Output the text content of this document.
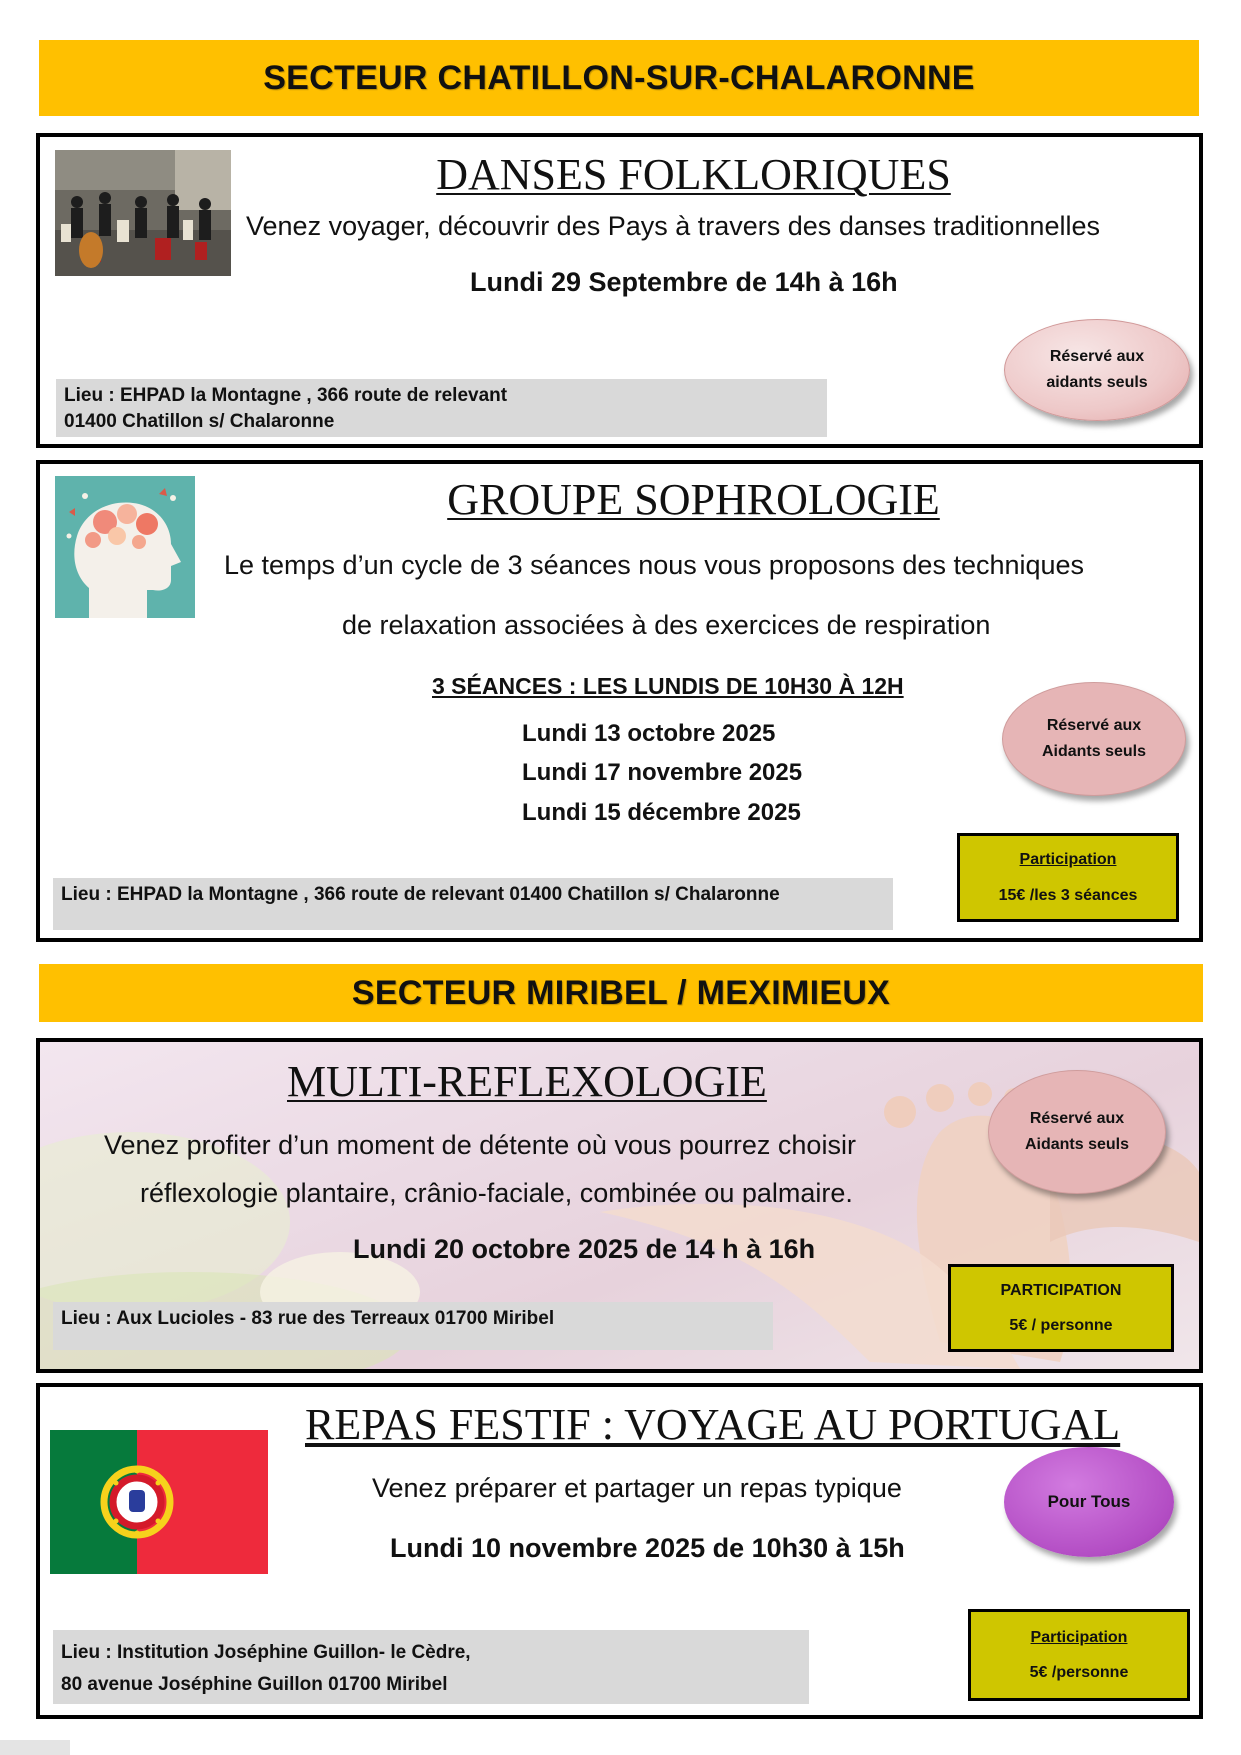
SECTEUR CHATILLON-SUR-CHALARONNE
DANSES FOLKLORIQUES
Venez voyager, découvrir des Pays à travers des danses traditionnelles
Lundi 29 Septembre de 14h à 16h
Réservé aux
aidants seuls
Lieu : EHPAD la Montagne , 366 route de relevant
01400 Chatillon s/ Chalaronne
GROUPE SOPHROLOGIE
Le temps d’un cycle de 3 séances nous vous proposons des techniques
de relaxation associées à des exercices de respiration
3 SÉANCES : LES LUNDIS DE 10H30 À 12H
Lundi 13 octobre 2025
Lundi 17 novembre 2025
Lundi 15 décembre 2025
Réservé aux
Aidants seuls
Participation
15€ /les 3 séances
Lieu : EHPAD la Montagne , 366 route de relevant 01400 Chatillon s/ Chalaronne
SECTEUR MIRIBEL / MEXIMIEUX
MULTI-REFLEXOLOGIE
Venez profiter d’un moment de détente où vous pourrez choisir
réflexologie plantaire, crânio-faciale, combinée ou palmaire.
Lundi 20 octobre 2025 de 14 h à 16h
Réservé aux
Aidants seuls
PARTICIPATION
5€ / personne
Lieu : Aux Lucioles - 83 rue des Terreaux 01700 Miribel
REPAS FESTIF : VOYAGE AU PORTUGAL
Venez préparer et partager un repas typique
Lundi 10 novembre 2025 de 10h30 à 15h
Pour Tous
Participation
5€ /personne
Lieu : Institution Joséphine Guillon- le Cèdre,
80 avenue Joséphine Guillon 01700 Miribel
